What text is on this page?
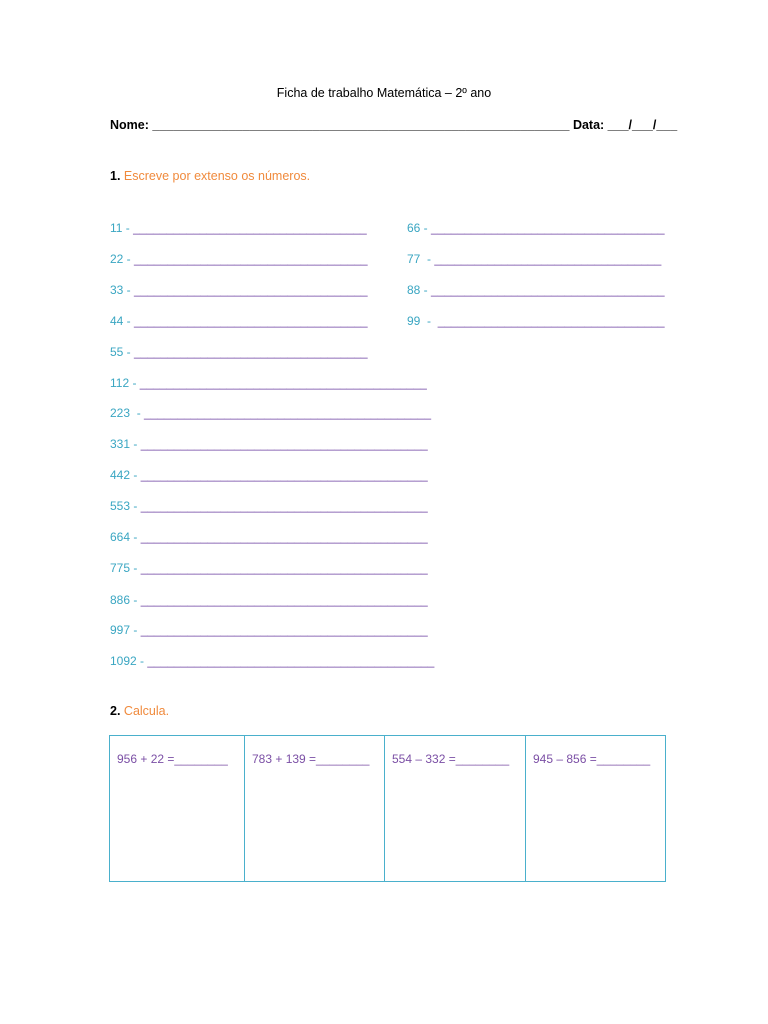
Ficha de trabalho Matemática – 2º ano
Nome: ____________________________________________________________ Data: ___/___/___
1. Escreve por extenso os números.
11 - ___________________________________
22 - ___________________________________
33 - ___________________________________
44 - ___________________________________
55 - ___________________________________
112 - ___________________________________________
223  - ___________________________________________
331 - ___________________________________________
442 - ___________________________________________
553 - ___________________________________________
664 - ___________________________________________
775 - ___________________________________________
886 - ___________________________________________
997 - ___________________________________________
1092 - ___________________________________________
66 - ___________________________________
77  - __________________________________
88 - ___________________________________
99  -  __________________________________
2. Calcula.
956 + 22 =________	783 + 139 =________	554 – 332 =________	945 – 856 =________
